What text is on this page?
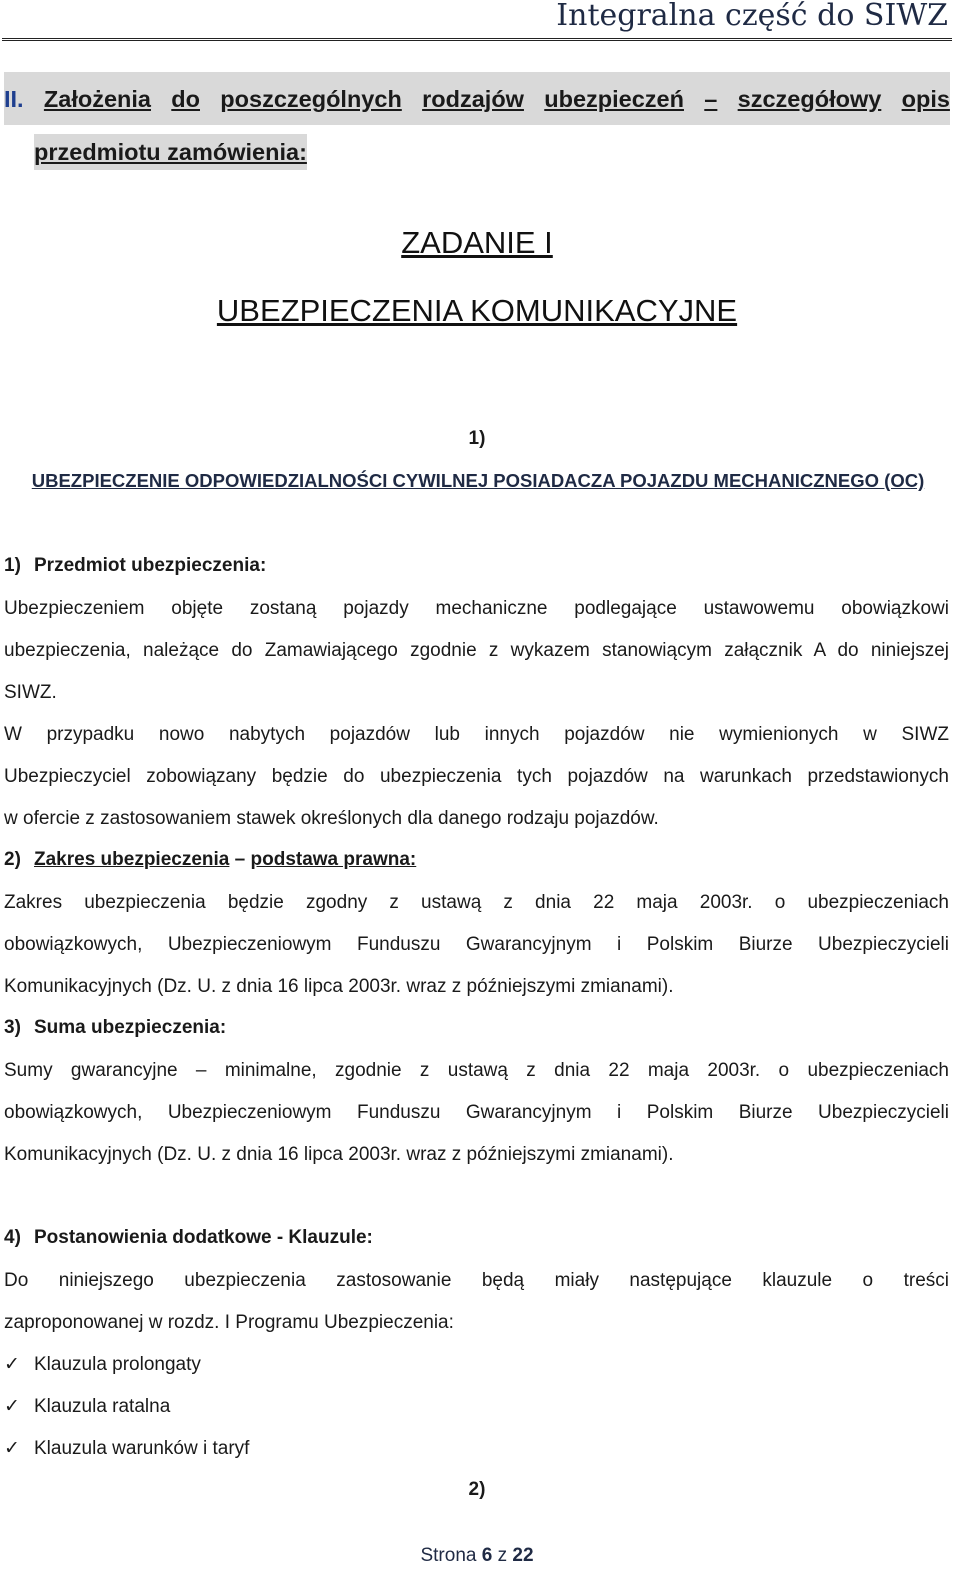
Integralna część do SIWZ
II. Założenia do poszczególnych rodzajów ubezpieczeń – szczegółowy opis
przedmiotu zamówienia:
ZADANIE I
UBEZPIECZENIA KOMUNIKACYJNE
1)
UBEZPIECZENIE ODPOWIEDZIALNOŚCI CYWILNEJ POSIADACZA POJAZDU MECHANICZNEGO (OC)
1) Przedmiot ubezpieczenia:
Ubezpieczeniem objęte zostaną pojazdy mechaniczne podlegające ustawowemu obowiązkowi
ubezpieczenia, należące do Zamawiającego zgodnie z wykazem stanowiącym załącznik A do niniejszej
SIWZ.
W przypadku nowo nabytych pojazdów lub innych pojazdów nie wymienionych w SIWZ
Ubezpieczyciel zobowiązany będzie do ubezpieczenia tych pojazdów na warunkach przedstawionych
w ofercie z zastosowaniem stawek określonych dla danego rodzaju pojazdów.
2) Zakres ubezpieczenia – podstawa prawna:
Zakres ubezpieczenia będzie zgodny z ustawą z dnia 22 maja 2003r. o ubezpieczeniach
obowiązkowych, Ubezpieczeniowym Funduszu Gwarancyjnym i Polskim Biurze Ubezpieczycieli
Komunikacyjnych (Dz. U. z dnia 16 lipca 2003r. wraz z późniejszymi zmianami).
3) Suma ubezpieczenia:
Sumy gwarancyjne – minimalne, zgodnie z ustawą z dnia 22 maja 2003r. o ubezpieczeniach
obowiązkowych, Ubezpieczeniowym Funduszu Gwarancyjnym i Polskim Biurze Ubezpieczycieli
Komunikacyjnych (Dz. U. z dnia 16 lipca 2003r. wraz z późniejszymi zmianami).
4) Postanowienia dodatkowe - Klauzule:
Do niniejszego ubezpieczenia zastosowanie będą miały następujące klauzule o treści
zaproponowanej w rozdz. I Programu Ubezpieczenia:
✓ Klauzula prolongaty
✓ Klauzula ratalna
✓ Klauzula warunków i taryf
2)
Strona 6 z 22
